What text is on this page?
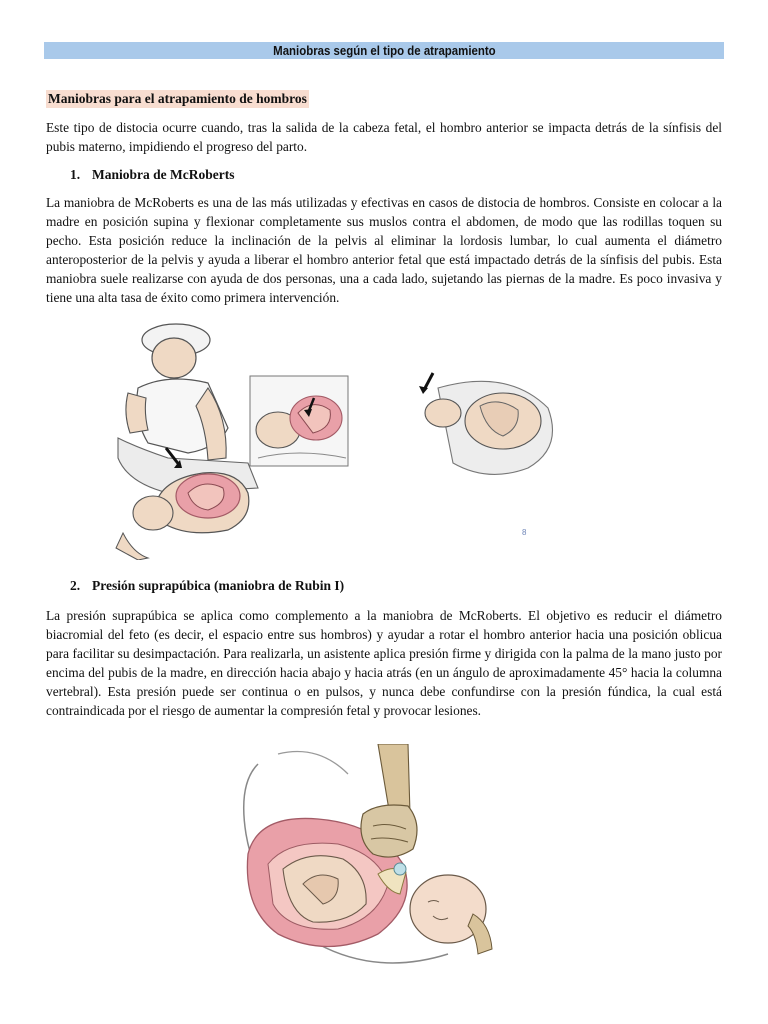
Maniobras según el tipo de atrapamiento
Maniobras para el atrapamiento de hombros

Este tipo de distocia ocurre cuando, tras la salida de la cabeza fetal, el hombro anterior se impacta detrás de la sínfisis del pubis materno, impidiendo el progreso del parto.

1. Maniobra de McRoberts

La maniobra de McRoberts es una de las más utilizadas y efectivas en casos de distocia de hombros. Consiste en colocar a la madre en posición supina y flexionar completamente sus muslos contra el abdomen, de modo que las rodillas toquen su pecho. Esta posición reduce la inclinación de la pelvis al eliminar la lordosis lumbar, lo cual aumenta el diámetro anteroposterior de la pelvis y ayuda a liberar el hombro anterior fetal que está impactado detrás de la sínfisis del pubis. Esta maniobra suele realizarse con ayuda de dos personas, una a cada lado, sujetando las piernas de la madre. Es poco invasiva y tiene una alta tasa de éxito como primera intervención.

8
2. Presión suprapúbica (maniobra de Rubin I)

La presión suprapúbica se aplica como complemento a la maniobra de McRoberts. El objetivo es reducir el diámetro biacromial del feto (es decir, el espacio entre sus hombros) y ayudar a rotar el hombro anterior hacia una posición oblicua para facilitar su desimpactación. Para realizarla, un asistente aplica presión firme y dirigida con la palma de la mano justo por encima del pubis de la madre, en dirección hacia abajo y hacia atrás (en un ángulo de aproximadamente 45° hacia la columna vertebral). Esta presión puede ser continua o en pulsos, y nunca debe confundirse con la presión fúndica, la cual está contraindicada por el riesgo de aumentar la compresión fetal y provocar lesiones.
